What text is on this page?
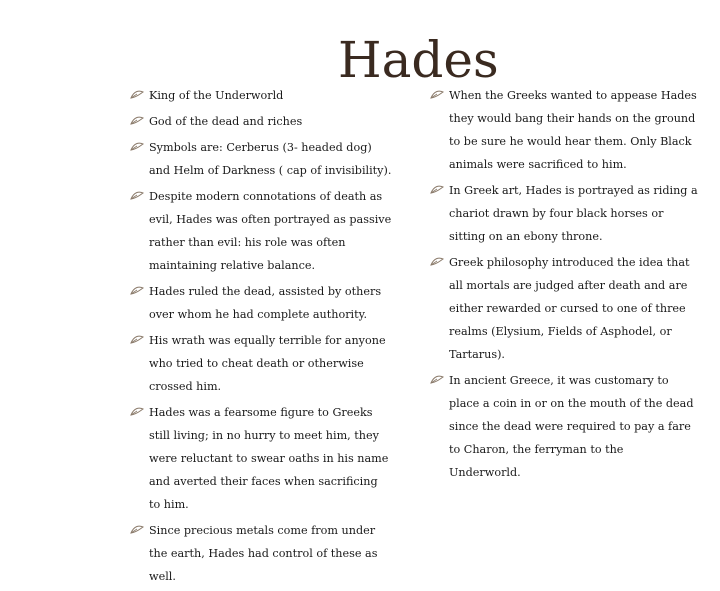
Hades
King of the Underworld
God of the dead and riches
Symbols are: Cerberus (3- headed dog) and Helm of Darkness ( cap of invisibility).
Despite modern connotations of death as evil, Hades was often portrayed as passive rather than evil: his role was often maintaining relative balance.
Hades ruled the dead, assisted by others over whom he had complete authority.
His wrath was equally terrible for anyone who tried to cheat death or otherwise crossed him.
Hades was a fearsome figure to Greeks still living; in no hurry to meet him, they were reluctant to swear oaths in his name and averted their faces when sacrificing to him.
Since precious metals come from under the earth, Hades had control of these as well.
When the Greeks wanted to appease Hades they would bang their hands on the ground to be sure he would hear them. Only Black animals were sacrificed to him.
In Greek art, Hades is portrayed as riding a chariot drawn by four black horses or sitting on an ebony throne.
Greek philosophy introduced the idea that all mortals are judged after death and are either rewarded or cursed to one of three realms (Elysium, Fields of Asphodel, or Tartarus).
In ancient Greece, it was customary to place a coin in or on the mouth of the dead since the dead were required to pay a fare to Charon, the ferryman to the Underworld.
